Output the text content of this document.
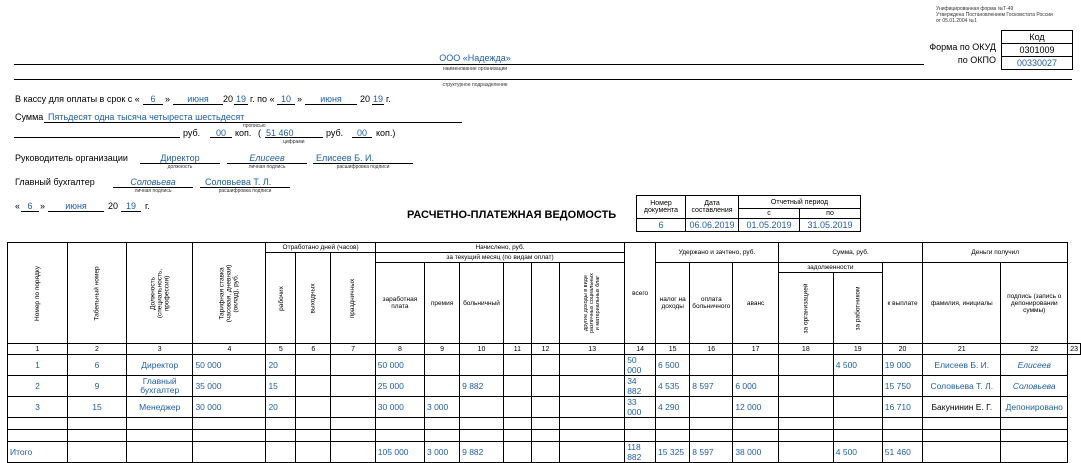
Унифицированная форма №Т-49
Утверждена Постановлением Госкомстата России
от 05.01.2004 №1
Код
0301009
00330027
Форма по ОКУД
по ОКПО
ООО «Надежда»
наименование организации
структурное подразделение
В кассу для оплаты в срок с «	6	»	июня	20 19 г. по « 10 »	июня	20 19 г.
Сумма Пятьдесят одна тысяча четыреста шестьдесят
прописью
руб.	00	коп. ( 51 460
цифрами
руб.	00	коп.)
Руководитель организации	Директор
должность
Елисеев
личная подпись
Елисеев Б. И.
расшифровка подписи
Главный бухгалтер	Соловьева
личная подпись
Соловьева Т. Л.
расшифровка подписи
« 6 »	июня	20 19	г.
РАСЧЕТНО-ПЛАТЕЖНАЯ ВЕДОМОСТЬ
Номер документа	Дата составления	Отчетный период	
		с	по
6	06.06.2019	01.05.2019	31.05.2019
Номер по порядку	Табельный номер	Должность (специальность, профессия)	Тарифная ставка (часовая, дневная) (оклад), руб.	Отработано дней (часов)			Начислено, руб.						всего	Удержано и зачтено, руб.			Сумма, руб.			Деньги получил		
				рабочих	выходных	праздничных	за текущий месяц (по видам оплат)															
							заработная плата	премия	больничный			другие доходы в виде различных социальных и материальных благ		налог на доходы	оплата больничного	аванс	задолженности		к выплате	фамилия, инициалы	подпись (запись о депонировании суммы)	
																	за организацией	за работником				
1	2	3	4	5	6	7	8	9	10	11	12	13	14	15	16	17	18	19	20	21	22	23
1	6	Директор	50 000	20			50 000						50 000	6 500				4 500	19 000	Елисеев Б. И.	Елисеев	
2	9	Главный бухгалтер	35 000	15			25 000		9 882				34 882	4 535	8 597	6 000			15 750	Соловьева Т. Л.	Соловьева	
3	15	Менеджер	30 000	20			30 000	3 000					33 000	4 290		12 000			16 710	Бакунинин Е. Г.	Депонировано	

Итого							105 000	3 000	9 882				118 882	15 325	8 597	38 000		4 500	51 460			
